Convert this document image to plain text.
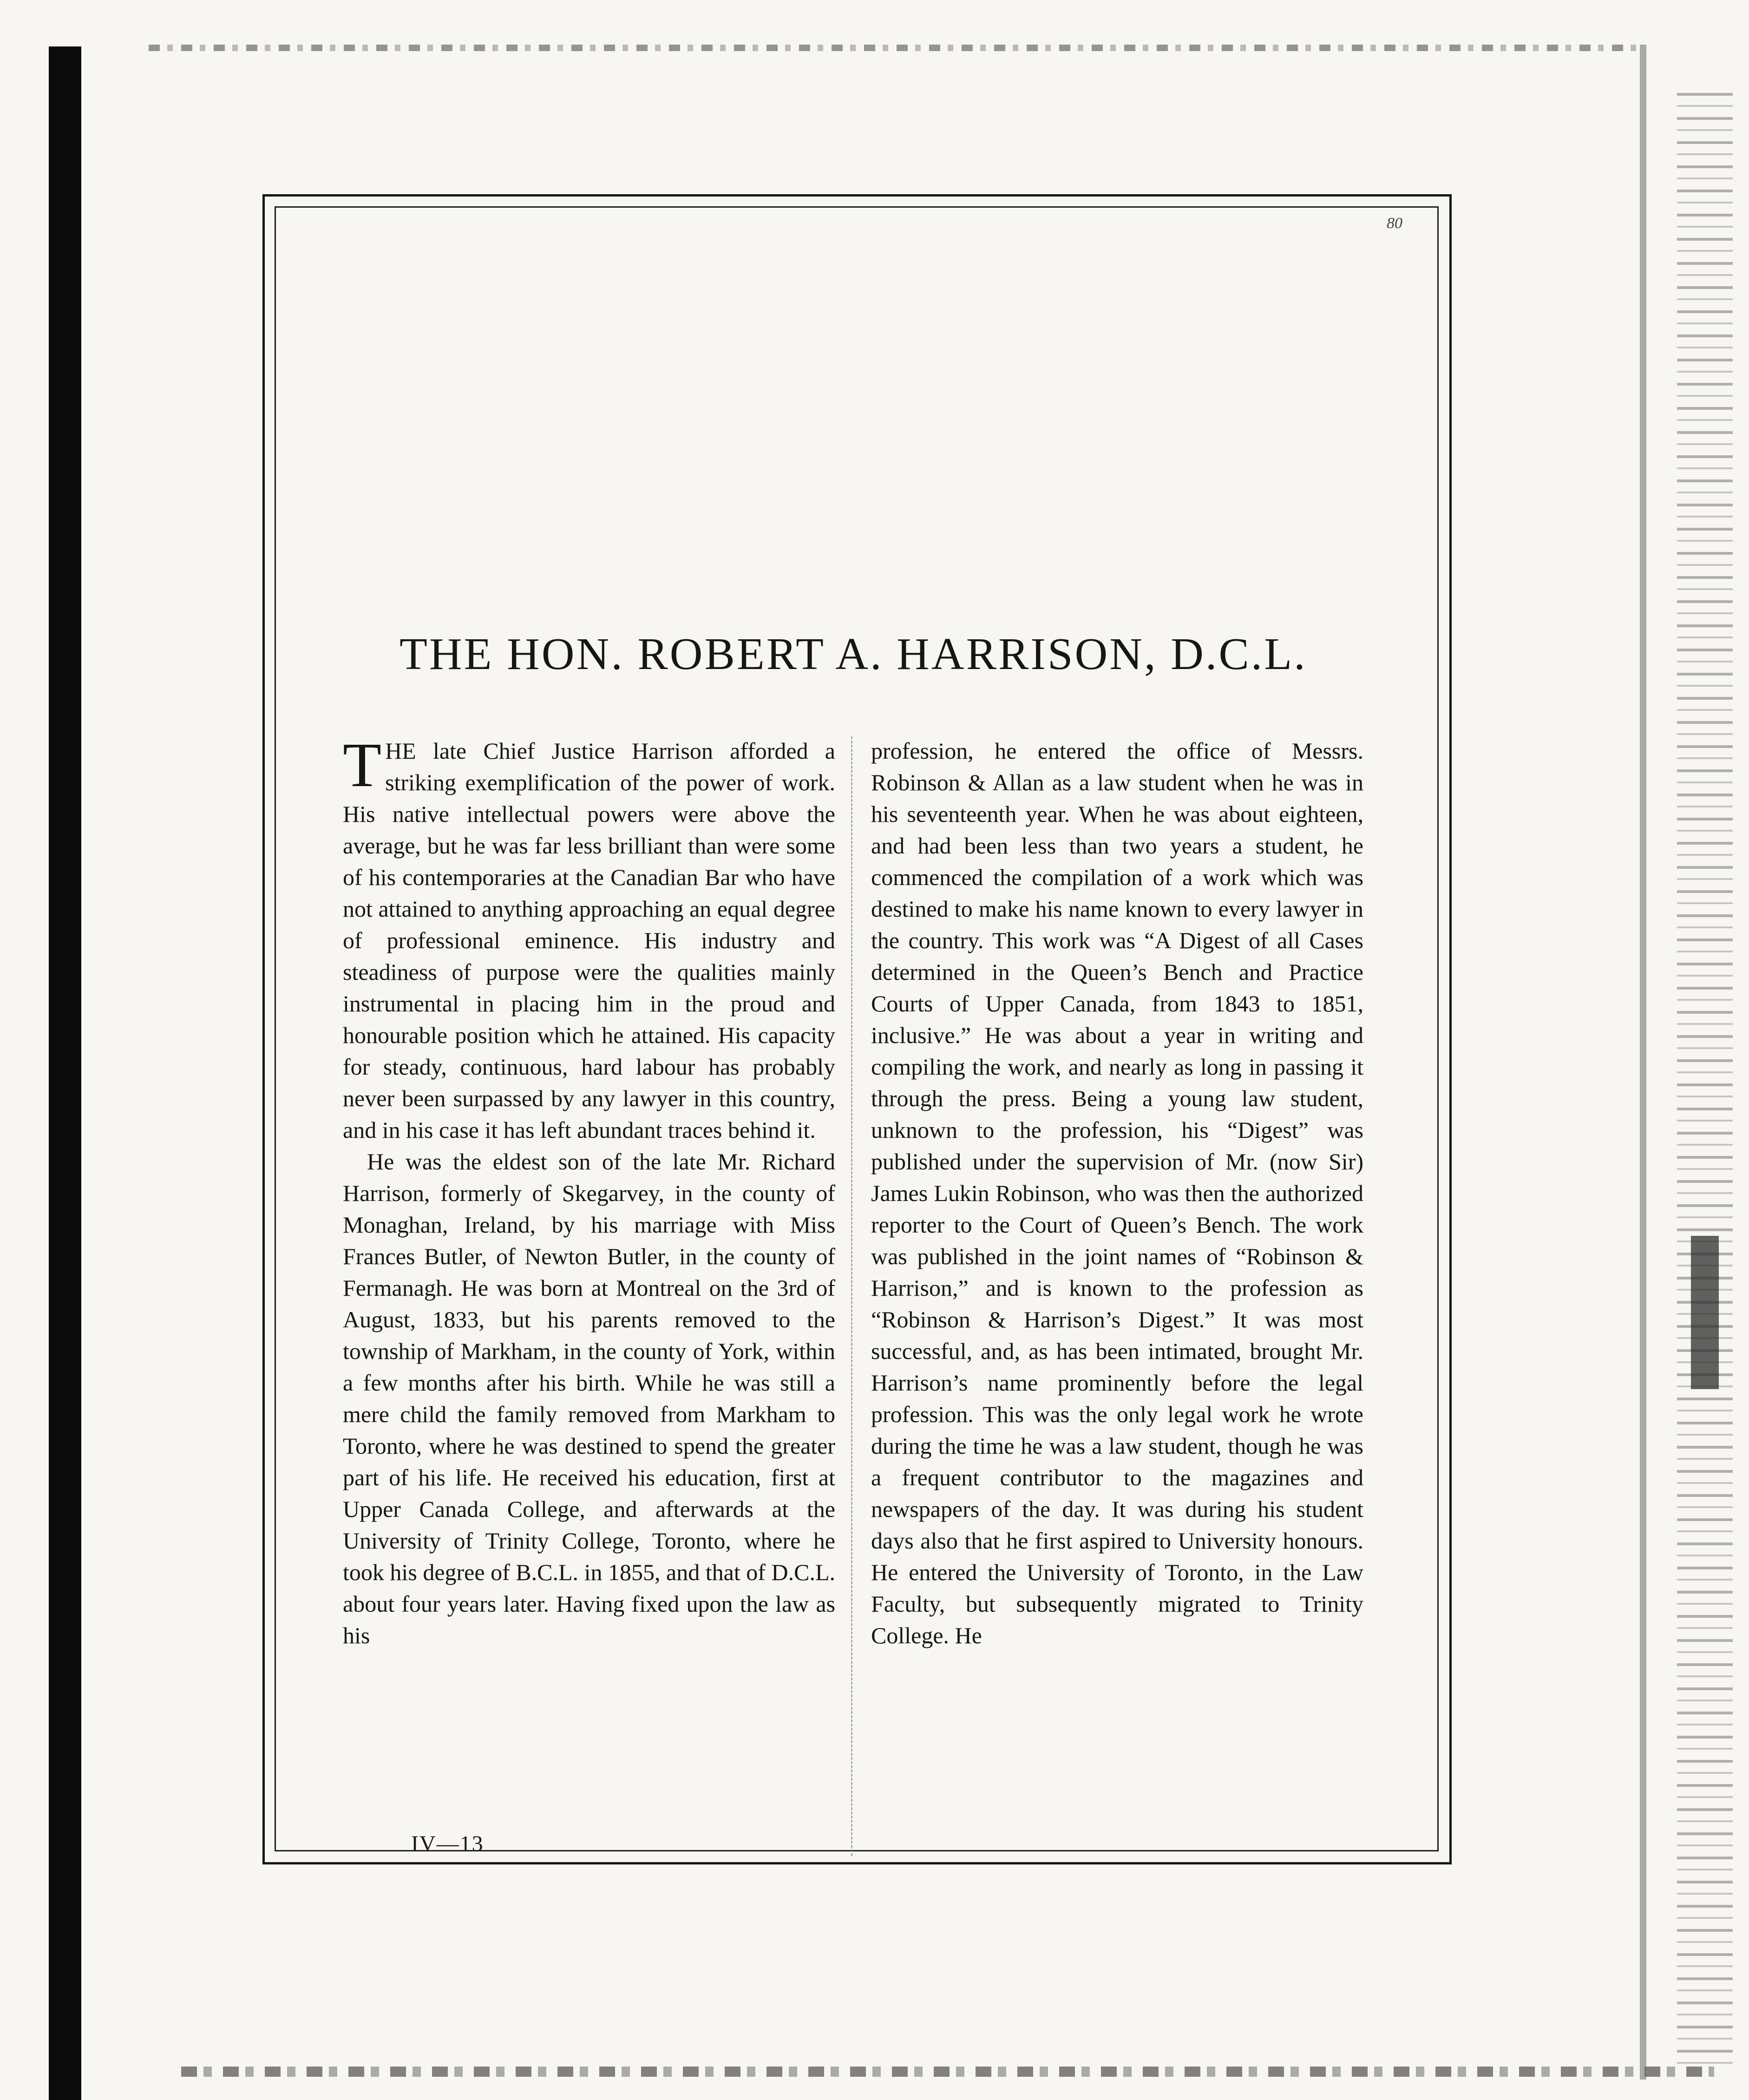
80
THE HON. ROBERT A. HARRISON, D.C.L.

THE late Chief Justice Harrison afforded a striking exemplification of the power of work. His native intellectual powers were above the average, but he was far less brilliant than were some of his contemporaries at the Canadian Bar who have not attained to anything approaching an equal degree of professional eminence. His industry and steadiness of purpose were the qualities mainly instrumental in placing him in the proud and honourable position which he attained. His capacity for steady, continuous, hard labour has probably never been surpassed by any lawyer in this country, and in his case it has left abundant traces behind it.

He was the eldest son of the late Mr. Richard Harrison, formerly of Skegarvey, in the county of Monaghan, Ireland, by his marriage with Miss Frances Butler, of Newton Butler, in the county of Fermanagh. He was born at Montreal on the 3rd of August, 1833, but his parents removed to the township of Markham, in the county of York, within a few months after his birth. While he was still a mere child the family removed from Markham to Toronto, where he was destined to spend the greater part of his life. He received his education, first at Upper Canada College, and afterwards at the University of Trinity College, Toronto, where he took his degree of B.C.L. in 1855, and that of D.C.L. about four years later. Having fixed upon the law as his

profession, he entered the office of Messrs. Robinson & Allan as a law student when he was in his seventeenth year. When he was about eighteen, and had been less than two years a student, he commenced the compilation of a work which was destined to make his name known to every lawyer in the country. This work was “A Digest of all Cases determined in the Queen’s Bench and Practice Courts of Upper Canada, from 1843 to 1851, inclusive.” He was about a year in writing and compiling the work, and nearly as long in passing it through the press. Being a young law student, unknown to the profession, his “Digest” was published under the supervision of Mr. (now Sir) James Lukin Robinson, who was then the authorized reporter to the Court of Queen’s Bench. The work was published in the joint names of “Robinson & Harrison,” and is known to the profession as “Robinson & Harrison’s Digest.” It was most successful, and, as has been intimated, brought Mr. Harrison’s name prominently before the legal profession. This was the only legal work he wrote during the time he was a law student, though he was a frequent contributor to the magazines and newspapers of the day. It was during his student days also that he first aspired to University honours. He entered the University of Toronto, in the Law Faculty, but subsequently migrated to Trinity College. He

IV—13
